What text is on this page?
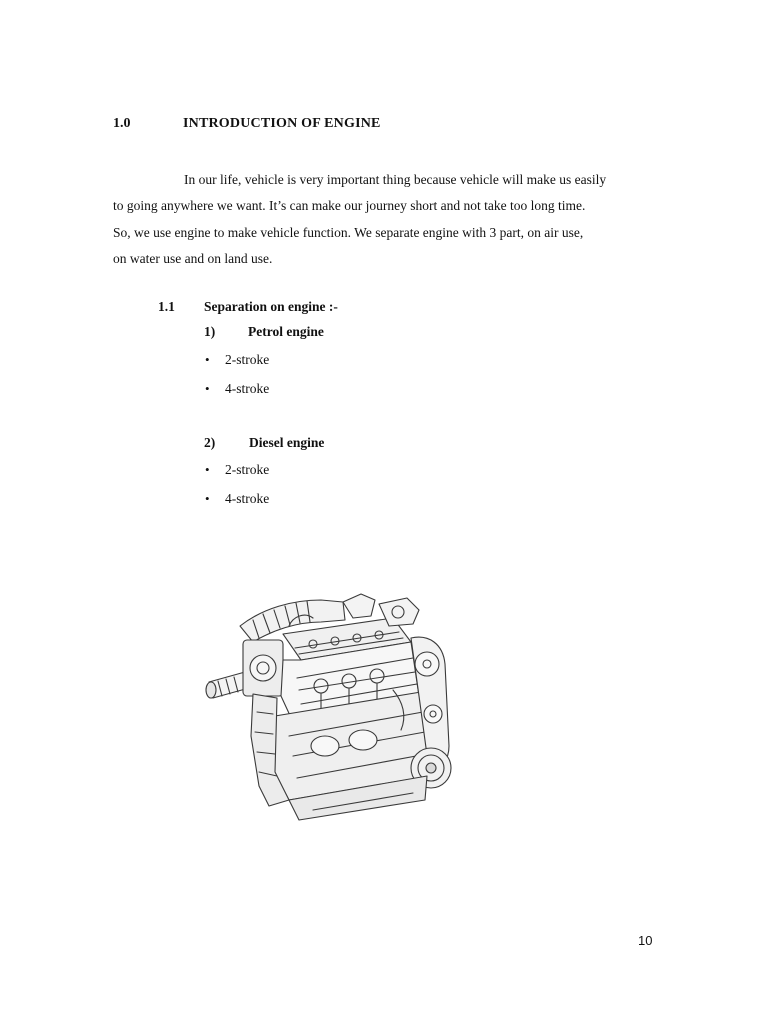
1.0	INTRODUCTION OF ENGINE

In our life, vehicle is very important thing because vehicle will make us easily

to going anywhere we want. It’s can make our journey short and not take too long time.

So, we use engine to make vehicle function. We separate engine with 3 part, on air use,

on water use and on land use.

1.1 Separation on engine :-
1) Petrol engine
• 2-stroke
• 4-stroke
2)	Diesel engine
• 2-stroke
• 4-stroke
10
